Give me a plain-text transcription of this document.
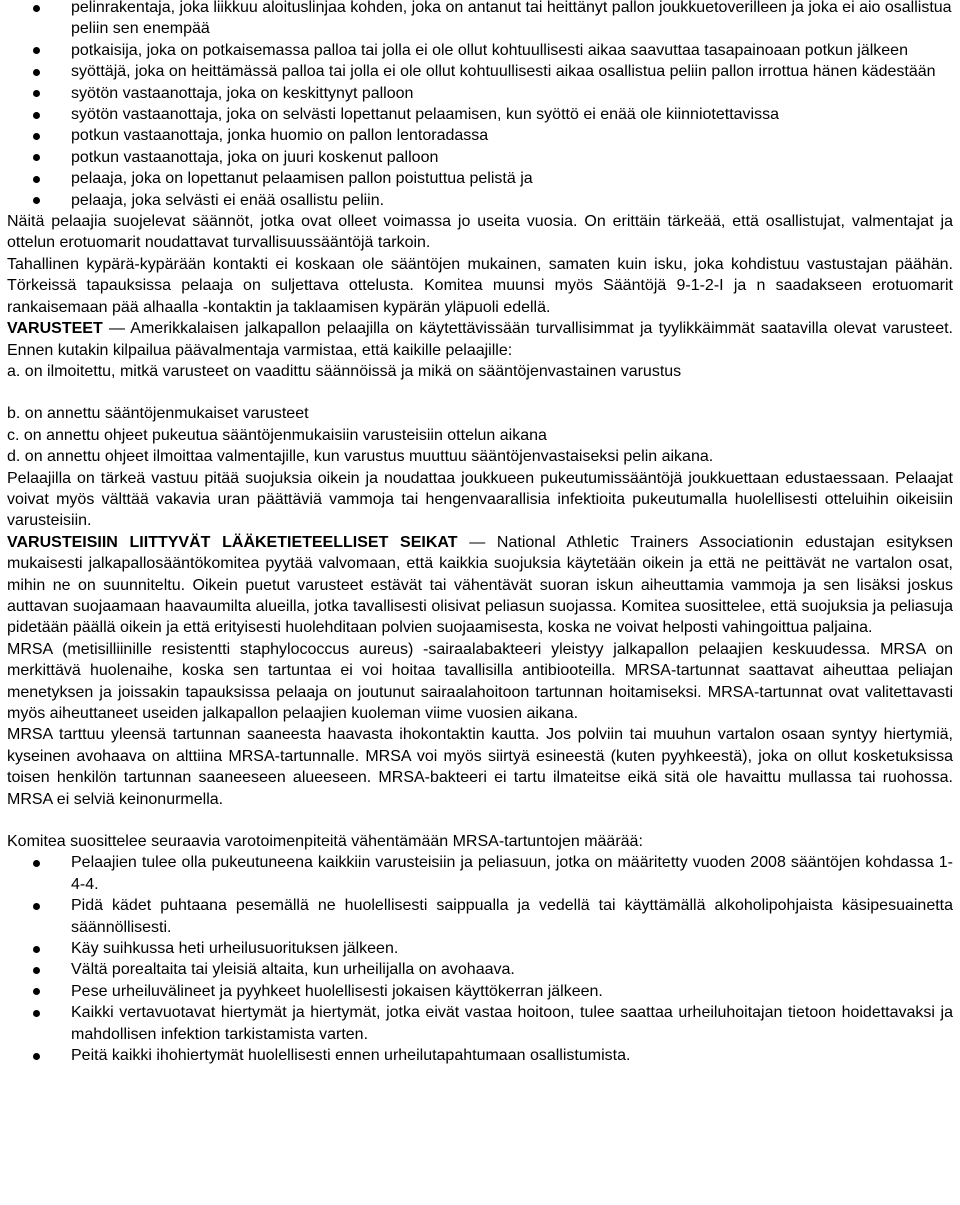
pelinrakentaja, joka liikkuu aloituslinjaa kohden, joka on antanut tai heittänyt pallon joukkuetoverilleen ja joka ei aio osallistua peliin sen enempää
potkaisija, joka on potkaisemassa palloa tai jolla ei ole ollut kohtuullisesti aikaa saavuttaa tasapainoaan potkun jälkeen
syöttäjä, joka on heittämässä palloa tai jolla ei ole ollut kohtuullisesti aikaa osallistua peliin pallon irrottua hänen kädestään
syötön vastaanottaja, joka on keskittynyt palloon
syötön vastaanottaja, joka on selvästi lopettanut pelaamisen, kun syöttö ei enää ole kiinniotettavissa
potkun vastaanottaja, jonka huomio on pallon lentoradassa
potkun vastaanottaja, joka on juuri koskenut palloon
pelaaja, joka on lopettanut pelaamisen pallon poistuttua pelistä ja
pelaaja, joka selvästi ei enää osallistu peliin.

Näitä pelaajia suojelevat säännöt, jotka ovat olleet voimassa jo useita vuosia. On erittäin tärkeää, että osallistujat, valmentajat ja ottelun erotuomarit noudattavat turvallisuussääntöjä tarkoin.

Tahallinen kypärä-kypärään kontakti ei koskaan ole sääntöjen mukainen, samaten kuin isku, joka kohdistuu vastustajan päähän. Törkeissä tapauksissa pelaaja on suljettava ottelusta. Komitea muunsi myös Sääntöjä 9-1-2-I ja n saadakseen erotuomarit rankaisemaan pää alhaalla -kontaktin ja taklaamisen kypärän yläpuoli edellä.

VARUSTEET — Amerikkalaisen jalkapallon pelaajilla on käytettävissään turvallisimmat ja tyylikkäimmät saatavilla olevat varusteet. Ennen kutakin kilpailua päävalmentaja varmistaa, että kaikille pelaajille:

a. on ilmoitettu, mitkä varusteet on vaadittu säännöissä ja mikä on sääntöjenvastainen varustus

b. on annettu sääntöjenmukaiset varusteet

c. on annettu ohjeet pukeutua sääntöjenmukaisiin varusteisiin ottelun aikana

d. on annettu ohjeet ilmoittaa valmentajille, kun varustus muuttuu sääntöjenvastaiseksi pelin aikana.

Pelaajilla on tärkeä vastuu pitää suojuksia oikein ja noudattaa joukkueen pukeutumissääntöjä joukkuettaan edustaessaan. Pelaajat voivat myös välttää vakavia uran päättäviä vammoja tai hengenvaarallisia infektioita pukeutumalla huolellisesti otteluihin oikeisiin varusteisiin.

VARUSTEISIIN LIITTYVÄT LÄÄKETIETEELLISET SEIKAT — National Athletic Trainers Associationin edustajan esityksen mukaisesti jalkapallosääntökomitea pyytää valvomaan, että kaikkia suojuksia käytetään oikein ja että ne peittävät ne vartalon osat, mihin ne on suunniteltu. Oikein puetut varusteet estävät tai vähentävät suoran iskun aiheuttamia vammoja ja sen lisäksi joskus auttavan suojaamaan haavaumilta alueilla, jotka tavallisesti olisivat peliasun suojassa. Komitea suosittelee, että suojuksia ja peliasuja pidetään päällä oikein ja että erityisesti huolehditaan polvien suojaamisesta, koska ne voivat helposti vahingoittua paljaina.

MRSA (metisilliinille resistentti staphylococcus aureus) -sairaalabakteeri yleistyy jalkapallon pelaajien keskuudessa. MRSA on merkittävä huolenaihe, koska sen tartuntaa ei voi hoitaa tavallisilla antibiooteilla. MRSA-tartunnat saattavat aiheuttaa peliajan menetyksen ja joissakin tapauksissa pelaaja on joutunut sairaalahoitoon tartunnan hoitamiseksi. MRSA-tartunnat ovat valitettavasti myös aiheuttaneet useiden jalkapallon pelaajien kuoleman viime vuosien aikana.

MRSA tarttuu yleensä tartunnan saaneesta haavasta ihokontaktin kautta. Jos polviin tai muuhun vartalon osaan syntyy hiertymiä, kyseinen avohaava on alttiina MRSA-tartunnalle. MRSA voi myös siirtyä esineestä (kuten pyyhkeestä), joka on ollut kosketuksissa toisen henkilön tartunnan saaneeseen alueeseen. MRSA-bakteeri ei tartu ilmateitse eikä sitä ole havaittu mullassa tai ruohossa. MRSA ei selviä keinonurmella.

Komitea suosittelee seuraavia varotoimenpiteitä vähentämään MRSA-tartuntojen määrää:

Pelaajien tulee olla pukeutuneena kaikkiin varusteisiin ja peliasuun, jotka on määritetty vuoden 2008 sääntöjen kohdassa 1-4-4.
Pidä kädet puhtaana pesemällä ne huolellisesti saippualla ja vedellä tai käyttämällä alkoholipohjaista käsipesuainetta säännöllisesti.
Käy suihkussa heti urheilusuorituksen jälkeen.
Vältä porealtaita tai yleisiä altaita, kun urheilijalla on avohaava.
Pese urheiluvälineet ja pyyhkeet huolellisesti jokaisen käyttökerran jälkeen.
Kaikki vertavuotavat hiertymät ja hiertymät, jotka eivät vastaa hoitoon, tulee saattaa urheiluhoitajan tietoon hoidettavaksi ja mahdollisen infektion tarkistamista varten.
Peitä kaikki ihohiertymät huolellisesti ennen urheilutapahtumaan osallistumista.
